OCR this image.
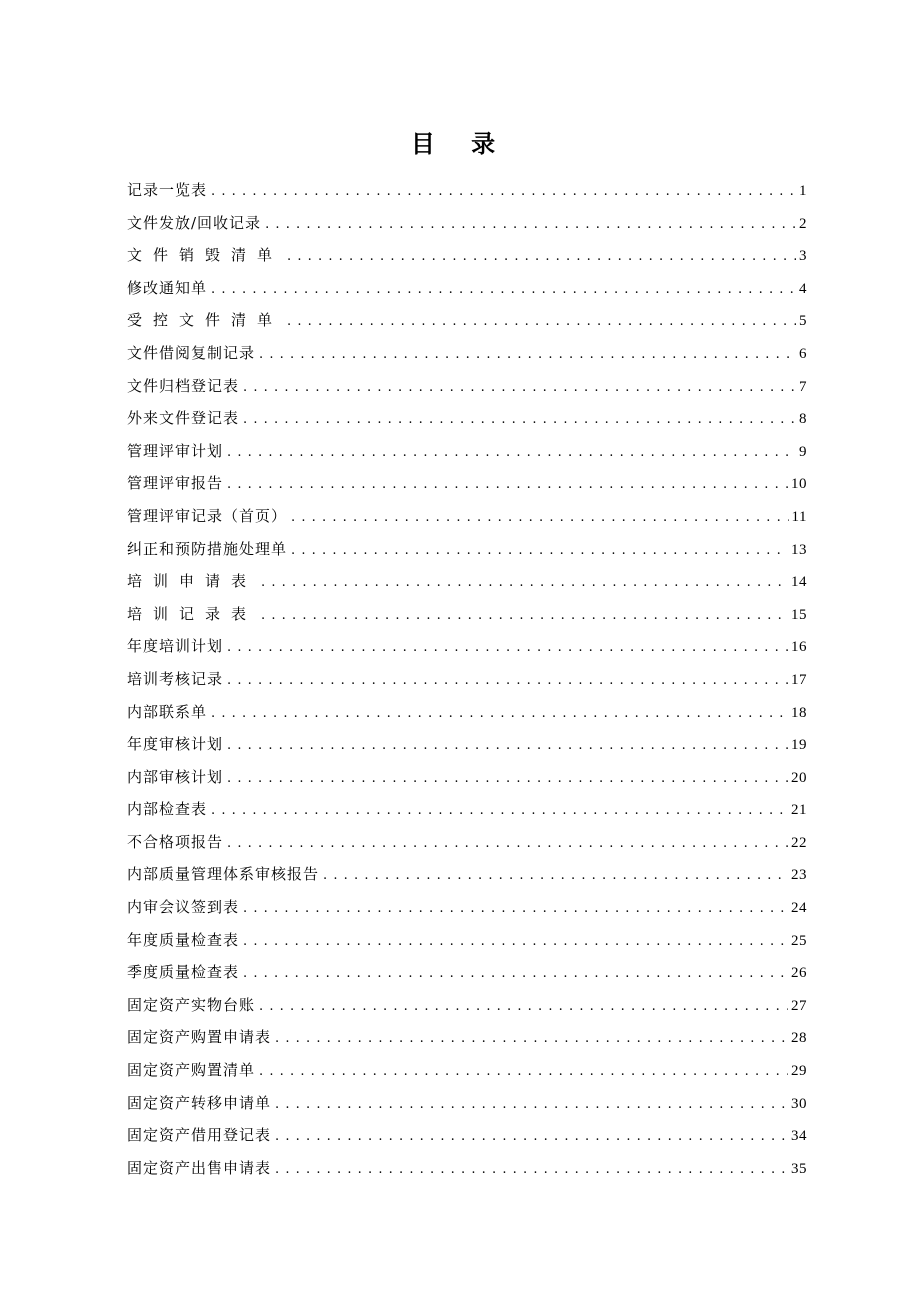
目 录
记录一览表 .....	1
文件发放/回收记录 .....	2
文件销毁清单 .....	3
修改通知单 .....	4
受控文件清单 .....	5
文件借阅复制记录 .....	6
文件归档登记表 .....	7
外来文件登记表 .....	8
管理评审计划 .....	9
管理评审报告 .....	10
管理评审记录（首页） .....	11
纠正和预防措施处理单 .....	13
培训申请表 .....	14
培训记录表 .....	15
年度培训计划 .....	16
培训考核记录 .....	17
内部联系单 .....	18
年度审核计划 .....	19
内部审核计划 .....	20
内部检查表 .....	21
不合格项报告 .....	22
内部质量管理体系审核报告 .....	23
内审会议签到表 .....	24
年度质量检查表 .....	25
季度质量检查表 .....	26
固定资产实物台账 .....	27
固定资产购置申请表 .....	28
固定资产购置清单 .....	29
固定资产转移申请单 .....	30
固定资产借用登记表 .....	34
固定资产出售申请表 .....	35
